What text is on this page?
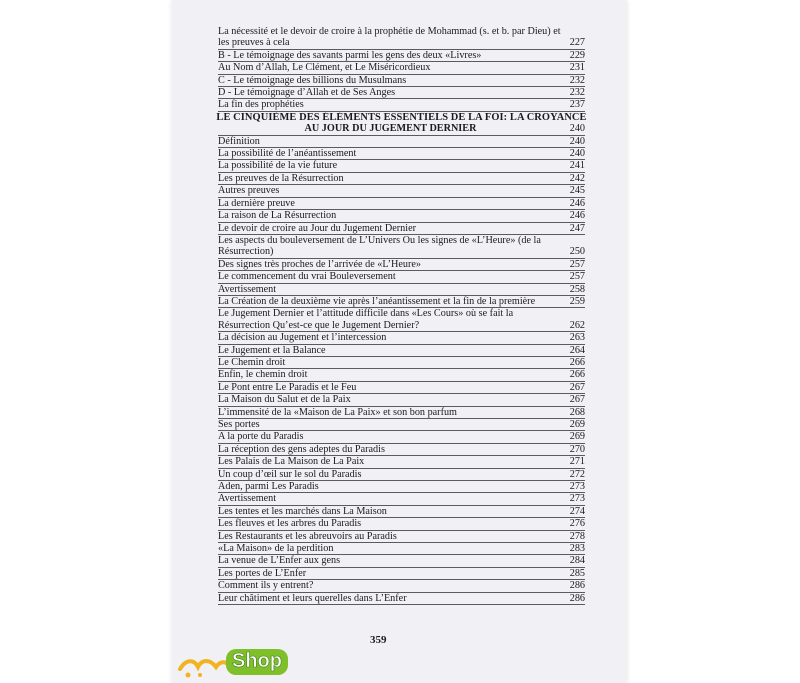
La nécessité et le devoir de croire à la prophétie de Mohammad (s. et b. par Dieu) et
les preuves à cela	227
B - Le témoignage des savants parmi les gens des deux «Livres»	229
Au Nom d’Allah, Le Clément, et Le Miséricordieux	231
C - Le témoignage des billions du Musulmans	232
D - Le témoignage d’Allah et de Ses Anges	232
La fin des prophéties	237
LE CINQUIÈME DES ÉLÉMENTS ESSENTIELS DE LA FOI: LA CROYANCE
AU JOUR DU JUGEMENT DERNIER	240
Définition	240
La possibilité de l’anéantissement	240
La possibilité de la vie future	241
Les preuves de la Résurrection	242
Autres preuves	245
La dernière preuve	246
La raison de La Résurrection	246
Le devoir de croire au Jour du Jugement Dernier	247
Les aspects du bouleversement de L’Univers Ou les signes de «L’Heure» (de la
Résurrection)	250
Des signes très proches de l’arrivée de «L’Heure»	257
Le commencement du vrai Bouleversement	257
Avertissement	258
La Création de la deuxième vie après l’anéantissement et la fin de la première	259
Le Jugement Dernier et l’attitude difficile dans «Les Cours» où se fait la
Résurrection Qu’est-ce que le Jugement Dernier?	262
La décision au Jugement et l’intercession	263
Le Jugement et la Balance	264
Le Chemin droit	266
Enfin, le chemin droit	266
Le Pont entre Le Paradis et le Feu	267
La Maison du Salut et de la Paix	267
L’immensité de la «Maison de La Paix» et son bon parfum	268
Ses portes	269
A la porte du Paradis	269
La réception des gens adeptes du Paradis	270
Les Palais de La Maison de La Paix	271
Un coup d’œil sur le sol du Paradis	272
Aden, parmi Les Paradis	273
Avertissement	273
Les tentes et les marchés dans La Maison	274
Les fleuves et les arbres du Paradis	276
Les Restaurants et les abreuvoirs au Paradis	278
«La Maison» de la perdition	283
La venue de L’Enfer aux gens	284
Les portes de L’Enfer	285
Comment ils y entrent?	286
Leur châtiment et leurs querelles dans L’Enfer	286
359
Shop
